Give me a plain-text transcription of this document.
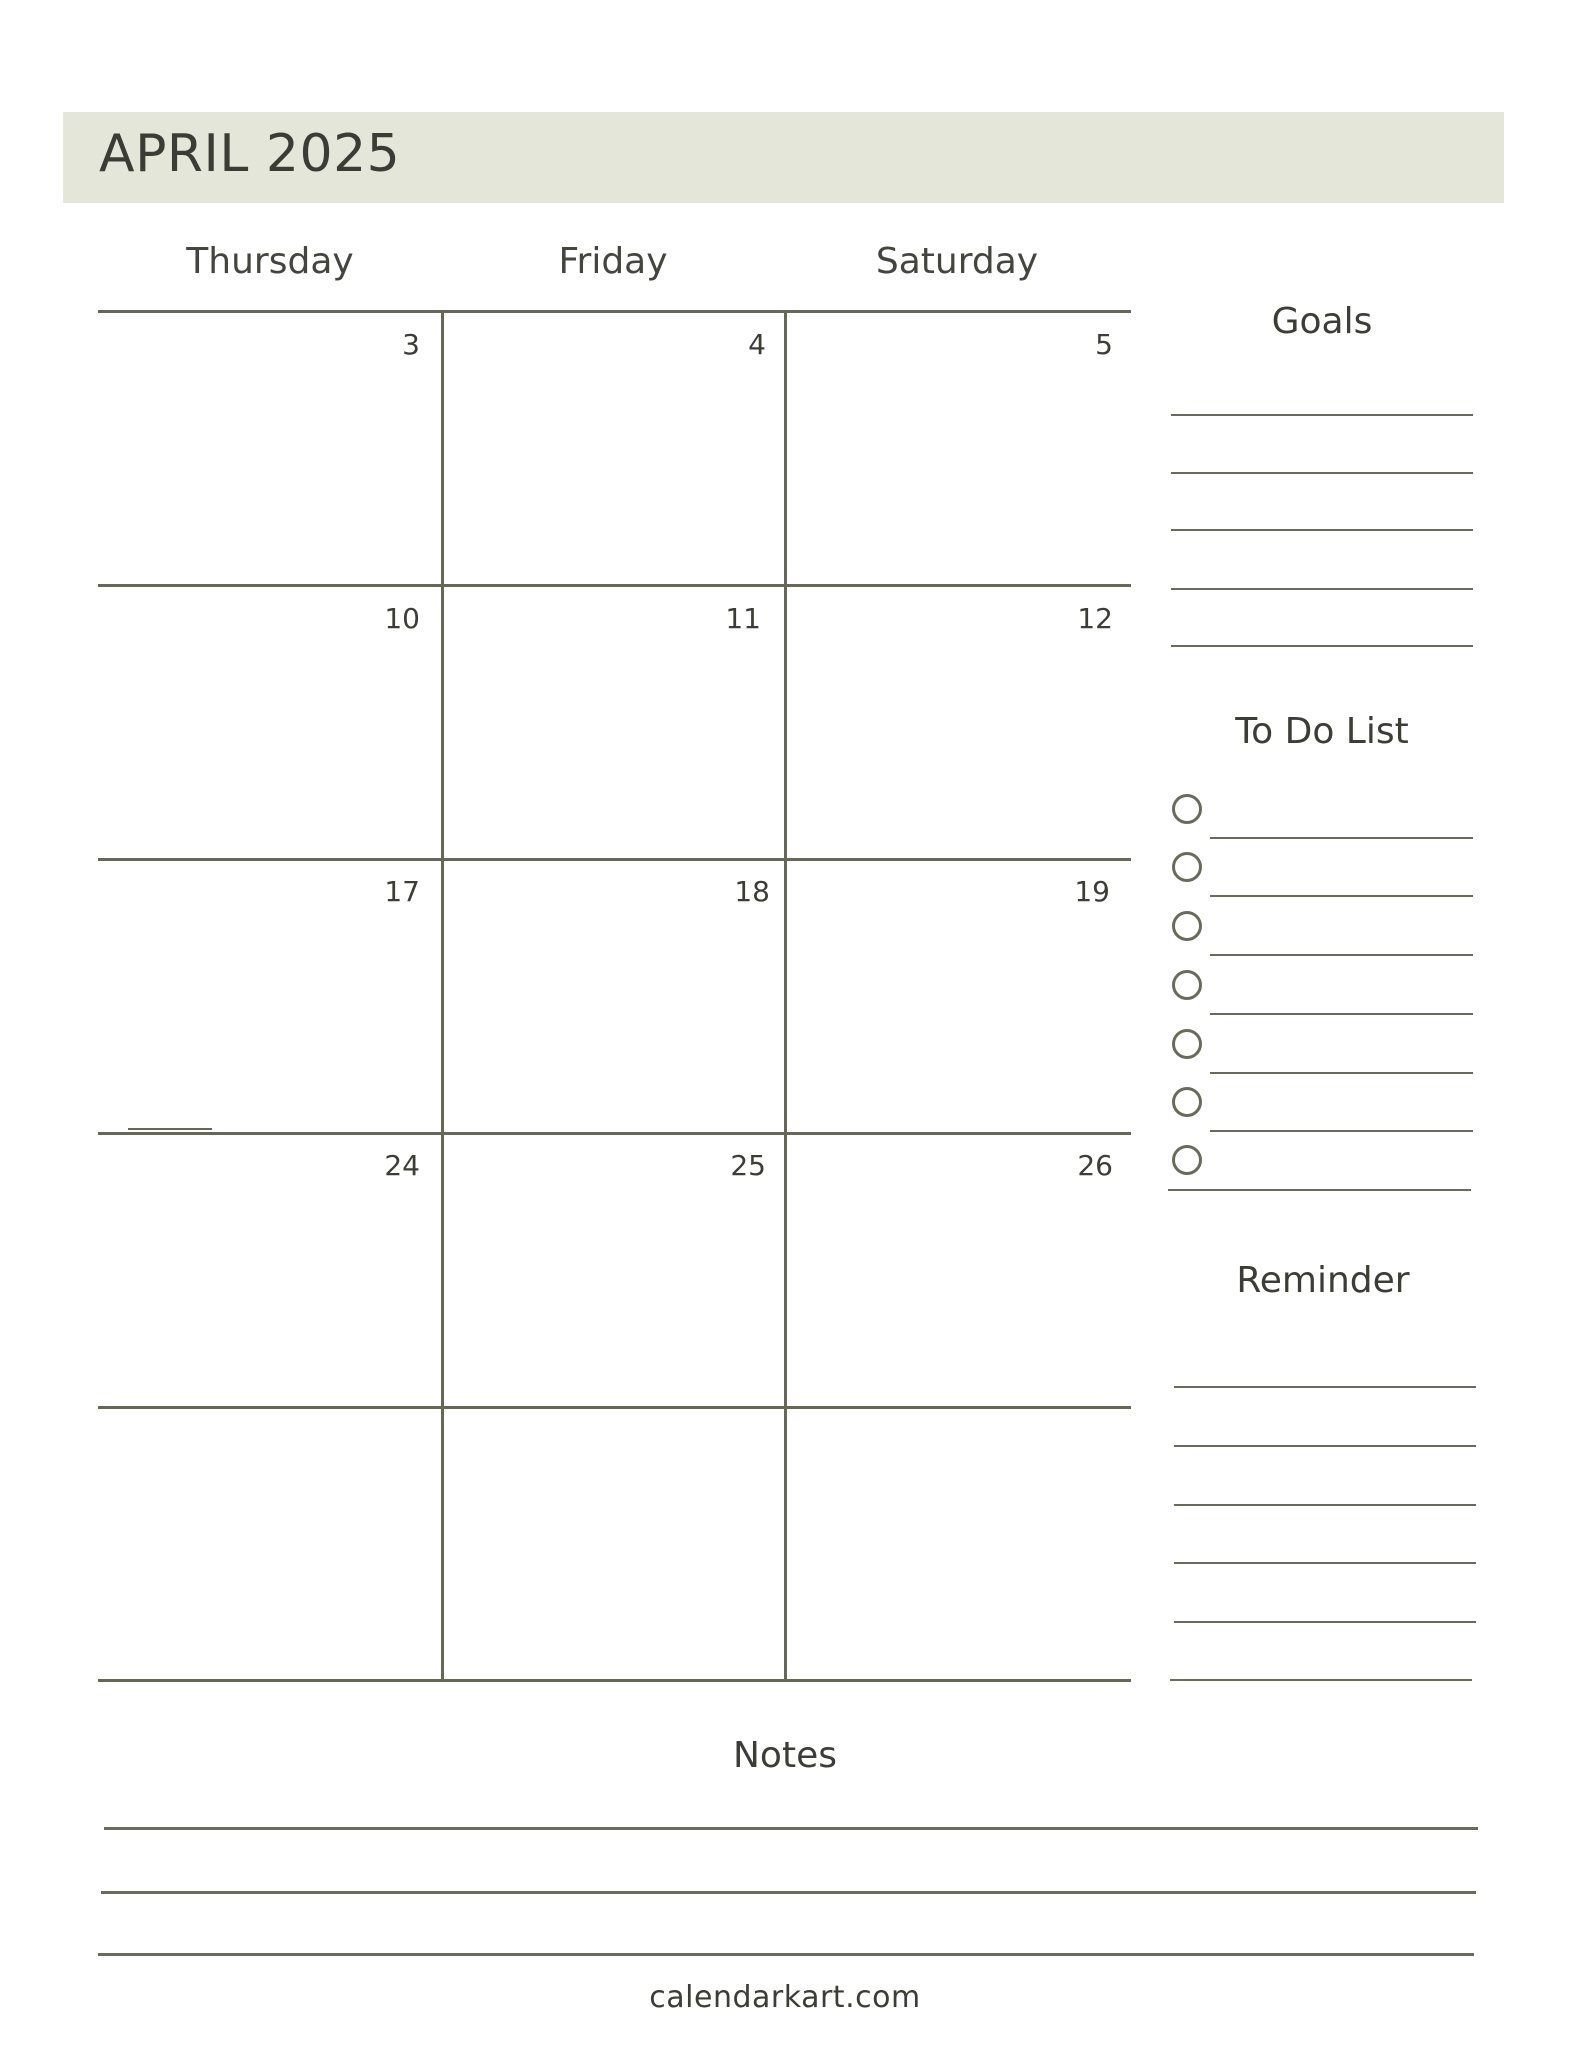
APRIL 2025
Thursday	Friday	Saturday
3	4	5
10	11	12
17	18	19
24	25	26
Goals
To Do List
Reminder
Notes
calendarkart.com
